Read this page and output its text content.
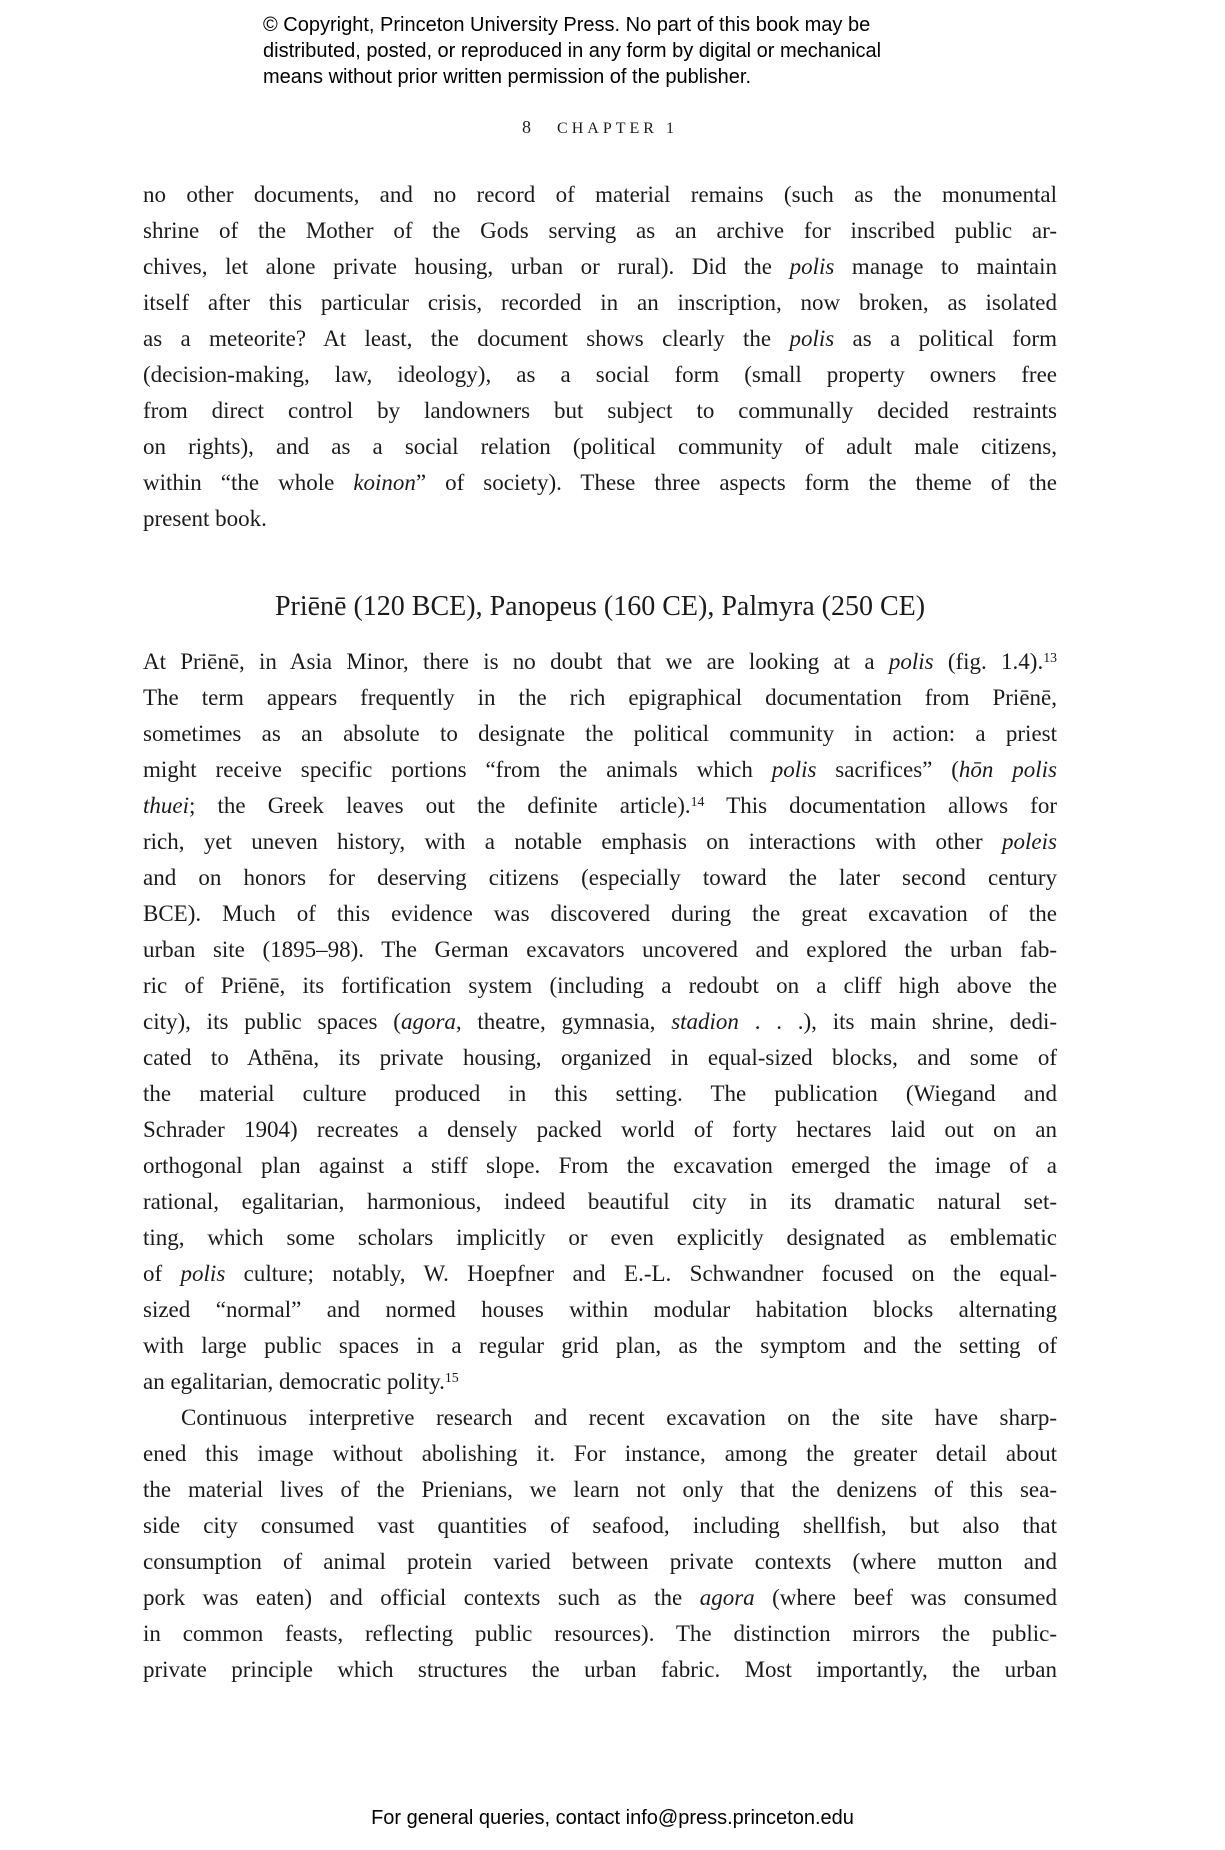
© Copyright, Princeton University Press. No part of this book may be
distributed, posted, or reproduced in any form by digital or mechanical
means without prior written permission of the publisher.
8 CHAPTER 1
no other documents, and no record of material remains (such as the monumental
shrine of the Mother of the Gods serving as an archive for inscribed public ar-
chives, let alone private housing, urban or rural). Did the polis manage to maintain
itself after this particular crisis, recorded in an inscription, now broken, as isolated
as a meteorite? At least, the document shows clearly the polis as a political form
(decision-making, law, ideology), as a social form (small property owners free
from direct control by landowners but subject to communally decided restraints
on rights), and as a social relation (political community of adult male citizens,
within “the whole koinon” of society). These three aspects form the theme of the
present book.
Priēnē (120 BCE), Panopeus (160 CE), Palmyra (250 CE)
At Priēnē, in Asia Minor, there is no doubt that we are looking at a polis (fig. 1.4).$^{13}$
The term appears frequently in the rich epigraphical documentation from Priēnē,
sometimes as an absolute to designate the political community in action: a priest
might receive specific portions “from the animals which polis sacrifices” (hōn polis
thuei; the Greek leaves out the definite article).$^{14}$ This documentation allows for
rich, yet uneven history, with a notable emphasis on interactions with other poleis
and on honors for deserving citizens (especially toward the later second century
BCE). Much of this evidence was discovered during the great excavation of the
urban site (1895–98). The German excavators uncovered and explored the urban fab-
ric of Priēnē, its fortification system (including a redoubt on a cliff high above the
city), its public spaces (agora, theatre, gymnasia, stadion . . .), its main shrine, dedi-
cated to Athēna, its private housing, organized in equal-sized blocks, and some of
the material culture produced in this setting. The publication (Wiegand and
Schrader 1904) recreates a densely packed world of forty hectares laid out on an
orthogonal plan against a stiff slope. From the excavation emerged the image of a
rational, egalitarian, harmonious, indeed beautiful city in its dramatic natural set-
ting, which some scholars implicitly or even explicitly designated as emblematic
of polis culture; notably, W. Hoepfner and E.-L. Schwandner focused on the equal-
sized “normal” and normed houses within modular habitation blocks alternating
with large public spaces in a regular grid plan, as the symptom and the setting of
an egalitarian, democratic polity.$^{15}$
Continuous interpretive research and recent excavation on the site have sharp-
ened this image without abolishing it. For instance, among the greater detail about
the material lives of the Prienians, we learn not only that the denizens of this sea-
side city consumed vast quantities of seafood, including shellfish, but also that
consumption of animal protein varied between private contexts (where mutton and
pork was eaten) and official contexts such as the agora (where beef was consumed
in common feasts, reflecting public resources). The distinction mirrors the public-
private principle which structures the urban fabric. Most importantly, the urban
For general queries, contact info@press.princeton.edu
